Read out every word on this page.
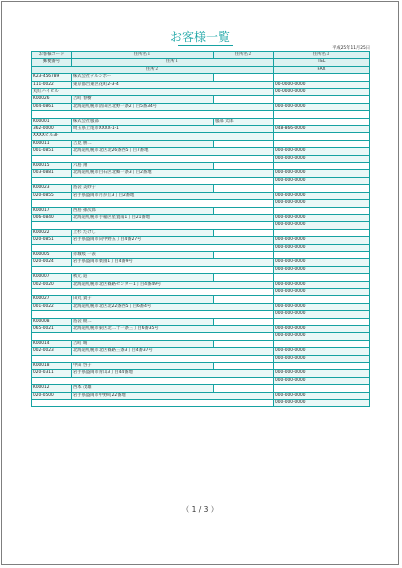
お客様一覧
平成25年11月25日
お客様コード	住所名１	住所名２	住所名３
郵便番号	住所１		TEL
住所２			FAX
K23-456789	株式会社テルンボー		
111-0022	東京都台東区花町2-3-4		00-0000-0000
丸紅ハイビル			00-0000-0000
K00026	吉町 春樹		
004-0861	北海道札幌市清田区北野一条2丁目5番34号		000-000-0000

K00001	株式会社服部	服部 太郎	
362-0000	埼玉県上尾市XXXX-1-1		048-866-0000
XXXXビル3F			
K00011	吉見 勝二		
001-0851	北海道札幌市北区北26条西5丁目7番地		000-000-0000
			000-000-0000
K00015	六島 翔		
003-0881	北海道札幌市白石区北郷一条3丁目2番地		000-000-0000
			000-000-0000
K00023	島袋 美紗子		
020-0855	岩手県盛岡市月が丘3丁目2番地		000-000-0000
			000-000-0000
K00017	西島 孫次郎		
006-0840	北海道札幌市手稲区星置南1丁目21番地		000-000-0000
			000-000-0000
K00022	上杉 たけし		
020-0851	岩手県盛岡市向中野五丁目4番27号		000-000-0000
			000-000-0000
K00005	赤城岐 一表		
020-0024	岩手県盛岡市菜園1丁目4番9号		000-000-0000
			000-000-0000
K00007	秋元 道		
002-0020	北海道札幌市北区篠路センター1丁目4番49号		000-000-0000
			000-000-0000
K00027	田丸 貴子		
001-0022	北海道札幌市北区北22条西5丁目6番4号		000-000-0000
			000-000-0000
K00008	島袋 綾二		
065-0021	北海道札幌市東区北二十一条三丁目6番35号		000-000-0000
			000-000-0000
K00014	吉町 晴		
002-0023	北海道札幌市北区篠路三条3丁目4番37号		000-000-0000
			000-000-0000
K00018	中田 啓子		
020-0311	岩手県盛岡市青山3丁目44番地		000-000-0000
			000-000-0000
K00012	西本 茂雄		
020-0500	岩手県盛岡市中野町22番地		000-000-0000
			000-000-0000
（ 1 / 3 ）
